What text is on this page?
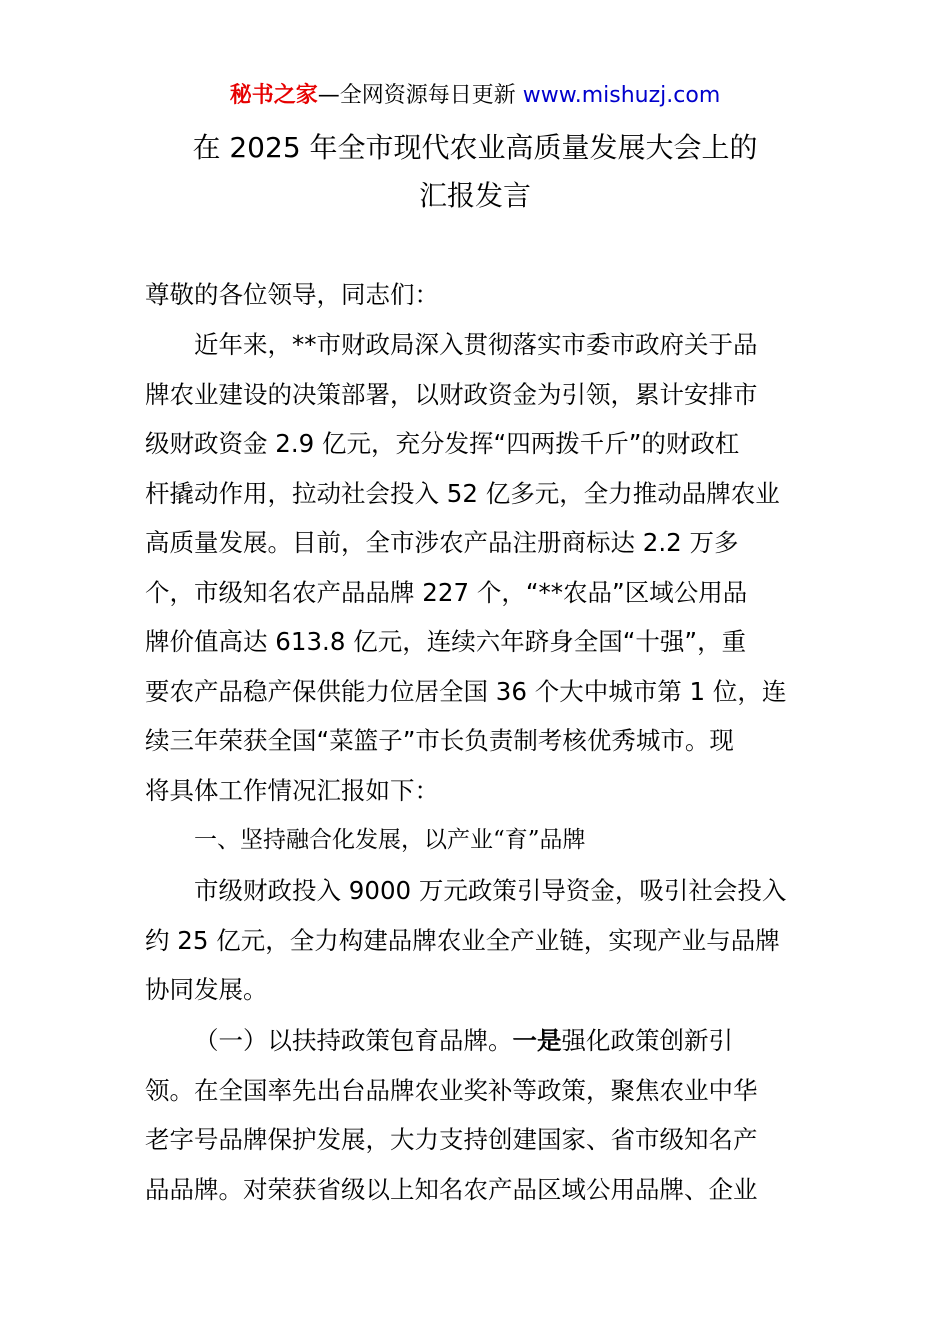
秘书之家—全网资源每日更新 www.mishuzj.com
在 2025 年全市现代农业高质量发展大会上的
汇报发言
尊敬的各位领导，同志们：
近年来，**市财政局深入贯彻落实市委市政府关于品
牌农业建设的决策部署，以财政资金为引领，累计安排市
级财政资金 2.9 亿元，充分发挥“四两拨千斤”的财政杠
杆撬动作用，拉动社会投入 52 亿多元，全力推动品牌农业
高质量发展。目前，全市涉农产品注册商标达 2.2 万多
个，市级知名农产品品牌 227 个，“**农品”区域公用品
牌价值高达 613.8 亿元，连续六年跻身全国“十强”，重
要农产品稳产保供能力位居全国 36 个大中城市第 1 位，连
续三年荣获全国“菜篮子”市长负责制考核优秀城市。现
将具体工作情况汇报如下：
一、坚持融合化发展，以产业“育”品牌
市级财政投入 9000 万元政策引导资金，吸引社会投入
约 25 亿元，全力构建品牌农业全产业链，实现产业与品牌
协同发展。
（一）以扶持政策包育品牌。一是强化政策创新引
领。在全国率先出台品牌农业奖补等政策，聚焦农业中华
老字号品牌保护发展，大力支持创建国家、省市级知名产
品品牌。对荣获省级以上知名农产品区域公用品牌、企业
